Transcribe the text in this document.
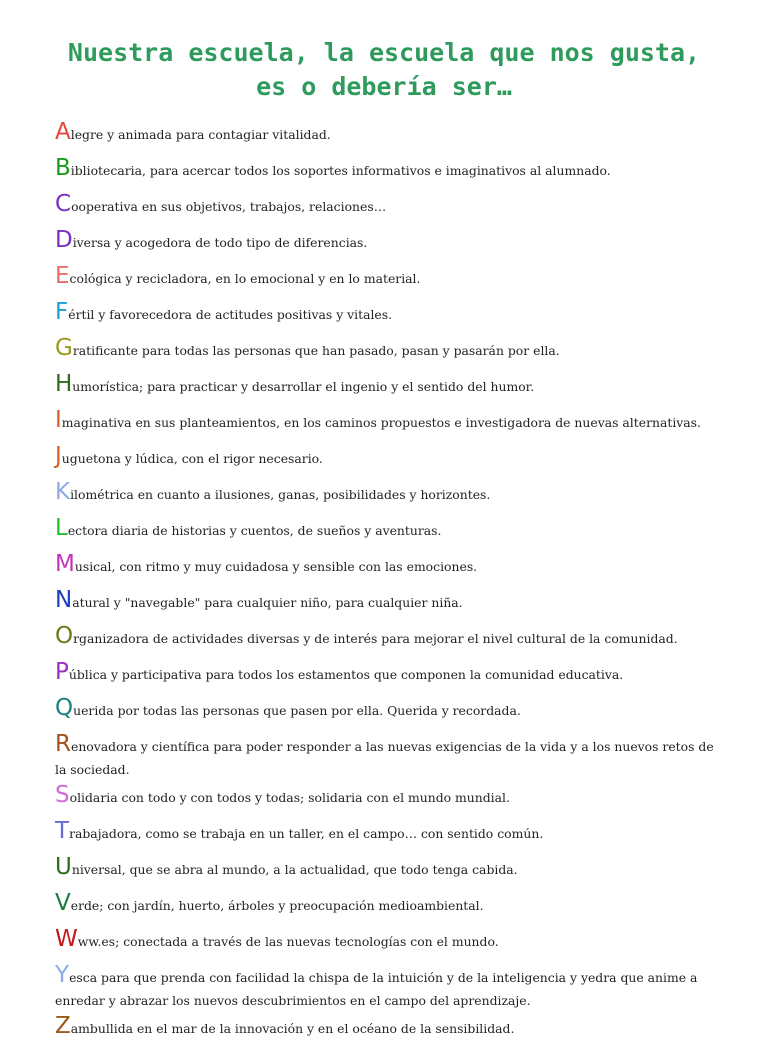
Nuestra escuela, la escuela que nos gusta, es o debería ser…

Alegre y animada para contagiar vitalidad.

Bibliotecaria, para acercar todos los soportes informativos e imaginativos al alumnado.

Cooperativa en sus objetivos, trabajos, relaciones…

Diversa y acogedora de todo tipo de diferencias.

Ecológica y recicladora, en lo emocional y en lo material.

Fértil y favorecedora de actitudes positivas y vitales.

Gratificante para todas las personas que han pasado, pasan y pasarán por ella.

Humorística; para practicar y desarrollar el ingenio y el sentido del humor.

Imaginativa en sus planteamientos, en los caminos propuestos e investigadora de nuevas alternativas.

Juguetona y lúdica, con el rigor necesario.

Kilométrica en cuanto a ilusiones, ganas, posibilidades y horizontes.

Lectora diaria de historias y cuentos, de sueños y aventuras.

Musical, con ritmo y muy cuidadosa y sensible con las emociones.

Natural y "navegable" para cualquier niño, para cualquier niña.

Organizadora de actividades diversas y de interés para mejorar el nivel cultural de la comunidad.

Pública y participativa para todos los estamentos que componen la comunidad educativa.

Querida por todas las personas que pasen por ella. Querida y recordada.

Renovadora y científica para poder responder a las nuevas exigencias de la vida y a los nuevos retos de la sociedad.

Solidaria con todo y con todos y todas; solidaria con el mundo mundial.

Trabajadora, como se trabaja en un taller, en el campo… con sentido común.

Universal, que se abra al mundo, a la actualidad, que todo tenga cabida.

Verde; con jardín, huerto, árboles y preocupación medioambiental.

Www.es; conectada a través de las nuevas tecnologías con el mundo.

Yesca para que prenda con facilidad la chispa de la intuición y de la inteligencia y yedra que anime a enredar y abrazar los nuevos descubrimientos en el campo del aprendizaje.

Zambullida en el mar de la innovación y en el océano de la sensibilidad.
